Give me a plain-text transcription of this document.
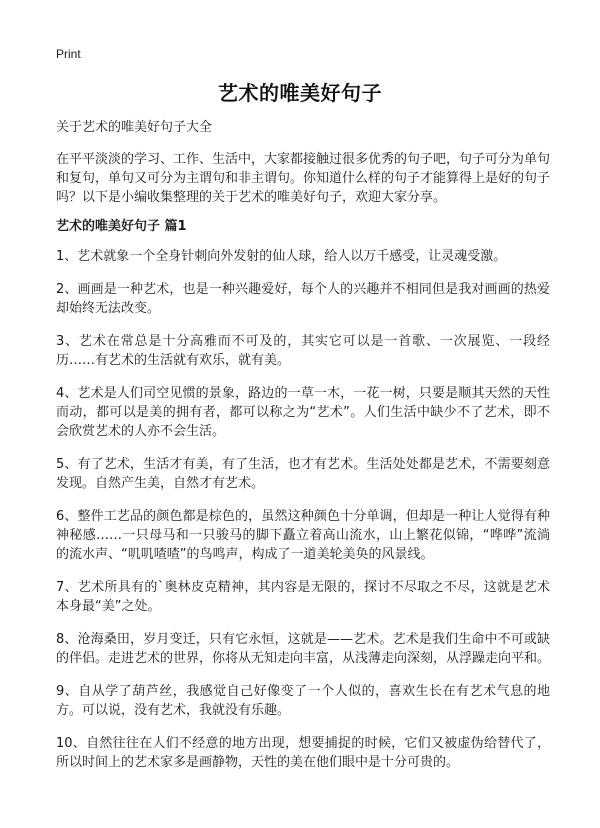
Print
艺术的唯美好句子

关于艺术的唯美好句子大全

在平平淡淡的学习、工作、生活中，大家都接触过很多优秀的句子吧，句子可分为单句和复句，单句又可分为主谓句和非主谓句。你知道什么样的句子才能算得上是好的句子吗？以下是小编收集整理的关于艺术的唯美好句子，欢迎大家分享。

艺术的唯美好句子 篇1

1、艺术就象一个全身针刺向外发射的仙人球，给人以万千感受，让灵魂受激。

2、画画是一种艺术，也是一种兴趣爱好，每个人的兴趣并不相同但是我对画画的热爱却始终无法改变。

3、艺术在常总是十分高雅而不可及的，其实它可以是一首歌、一次展览、一段经历……有艺术的生活就有欢乐，就有美。

4、艺术是人们司空见惯的景象，路边的一草一木，一花一树，只要是顺其天然的天性而动，都可以是美的拥有者，都可以称之为“艺术”。人们生活中缺少不了艺术，即不会欣赏艺术的人亦不会生活。

5、有了艺术，生活才有美，有了生活，也才有艺术。生活处处都是艺术，不需要刻意发现。自然产生美，自然才有艺术。

6、整件工艺品的颜色都是棕色的，虽然这种颜色十分单调，但却是一种让人觉得有种神秘感……一只母马和一只骏马的脚下矗立着高山流水，山上繁花似锦，“哗哗”流淌的流水声、“叽叽喳喳”的鸟鸣声，构成了一道美轮美奂的风景线。

7、艺术所具有的`奥林皮克精神，其内容是无限的，探讨不尽取之不尽，这就是艺术本身最“美”之处。

8、沧海桑田，岁月变迁，只有它永恒，这就是——艺术。艺术是我们生命中不可或缺的伴侣。走进艺术的世界，你将从无知走向丰富，从浅薄走向深刻，从浮躁走向平和。

9、自从学了葫芦丝，我感觉自己好像变了一个人似的，喜欢生长在有艺术气息的地方。可以说，没有艺术，我就没有乐趣。

10、自然往往在人们不经意的地方出现，想要捕捉的时候，它们又被虚伪给替代了，所以时间上的艺术家多是画静物，天性的美在他们眼中是十分可贵的。
